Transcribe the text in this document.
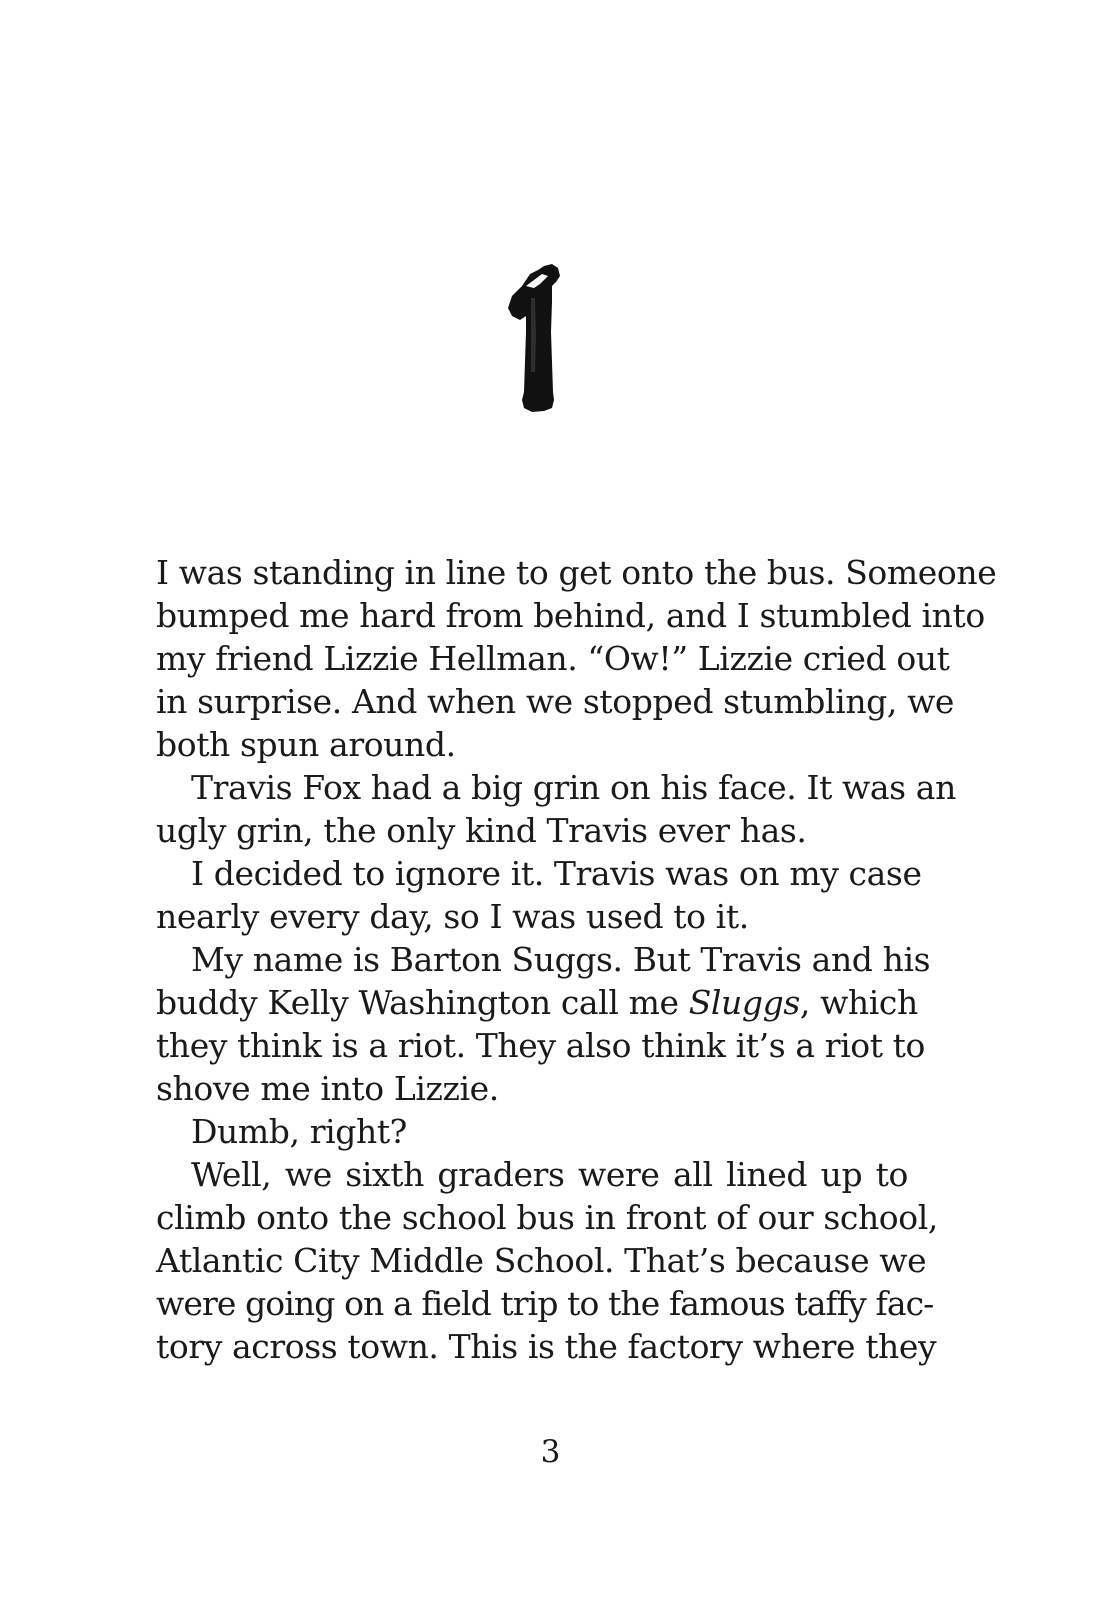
I was standing in line to get onto the bus. Someone
bumped me hard from behind, and I stumbled into
my friend Lizzie Hellman. “Ow!” Lizzie cried out
in surprise. And when we stopped stumbling, we
both spun around.
Travis Fox had a big grin on his face. It was an
ugly grin, the only kind Travis ever has.
I decided to ignore it. Travis was on my case
nearly every day, so I was used to it.
My name is Barton Suggs. But Travis and his
buddy Kelly Washington call me Sluggs, which
they think is a riot. They also think it’s a riot to
shove me into Lizzie.
Dumb, right?
Well, we sixth graders were all lined up to
climb onto the school bus in front of our school,
Atlantic City Middle School. That’s because we
were going on a field trip to the famous taffy fac-
tory across town. This is the factory where they
3
